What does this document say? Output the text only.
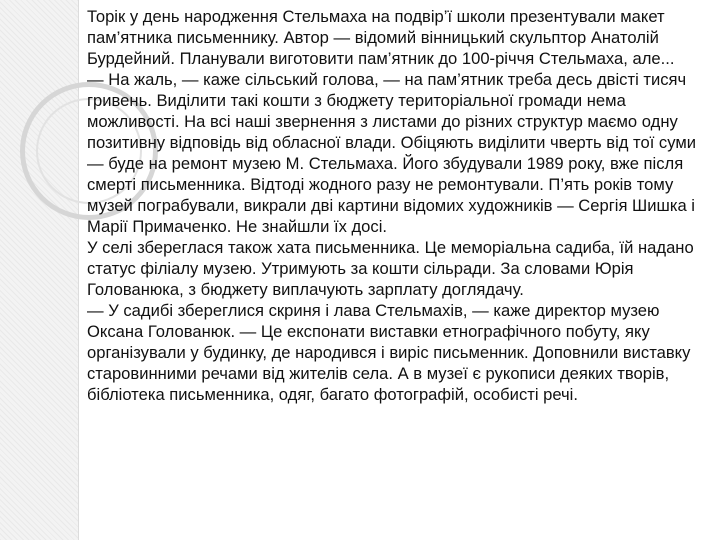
Торік у день народження Стельмаха на подвір’ї школи презентували макет пам’ятника письменнику. Автор — відомий вінницький скульптор Анатолій Бурдейний. Планували виготовити пам’ятник до 100-річчя Стельмаха, але...

— На жаль, — каже сільський голова, — на пам’ятник треба десь двісті тисяч гривень. Виділити такі кошти з бюджету територіальної громади нема можливості. На всі наші звернення з листами до різних структур маємо одну позитивну відповідь від обласної влади. Обіцяють виділити чверть від тої суми — буде на ремонт музею М. Стельмаха. Його збудували 1989 року, вже після смерті письменника. Відтоді жодного разу не ремонтували. П’ять років тому музей пограбували, викрали дві картини відомих художників — Сергія Шишка і Марії Примаченко. Не знайшли їх досі.

У селі збереглася також хата письменника. Це меморіальна садиба, їй надано статус філіалу музею. Утримують за кошти сільради. За словами Юрія Голованюка, з бюджету виплачують зарплату доглядачу.

— У садибі збереглися скриня і лава Стельмахів, — каже директор музею Оксана Голованюк. — Це експонати виставки етнографічного побуту, яку організували у будинку, де народився і виріс письменник. Доповнили виставку старовинними речами від жителів села. А в музеї є рукописи деяких творів, бібліотека письменника, одяг, багато фотографій, особисті речі.
